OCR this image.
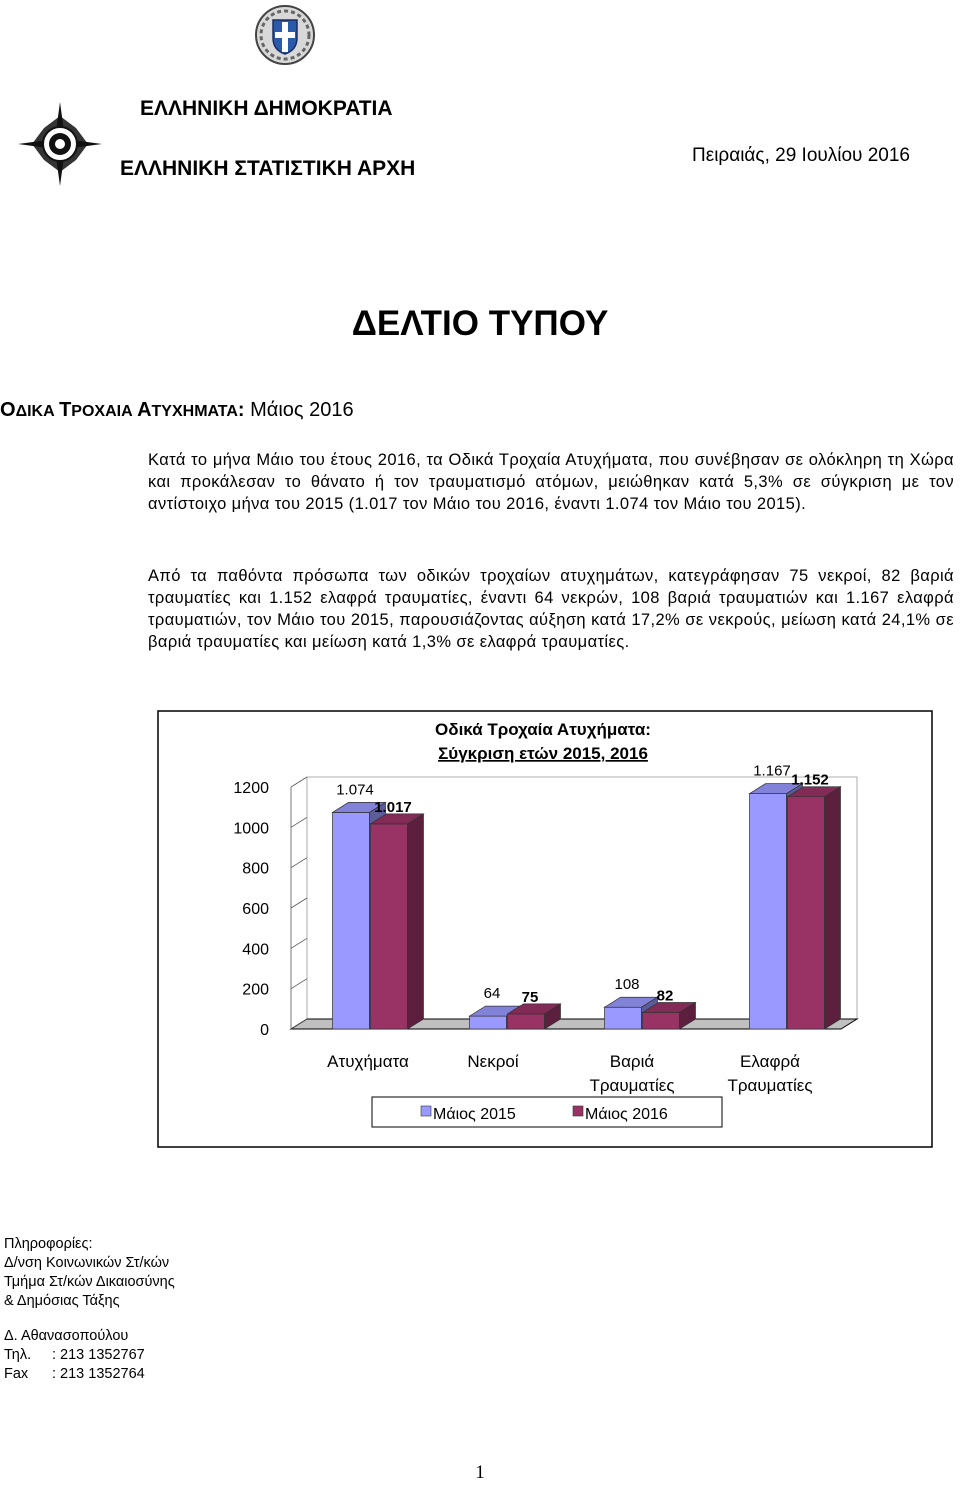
ΕΛΛΗΝΙΚΗ ΔΗΜΟΚΡΑΤΙΑ
ΕΛΛΗΝΙΚΗ ΣΤΑΤΙΣΤΙΚΗ ΑΡΧΗ
Πειραιάς, 29 Ιουλίου 2016
ΔΕΛΤΙΟ ΤΥΠΟΥ
ΟΔΙΚΑ ΤΡΟΧΑΙΑ ΑΤΥΧΗΜΑΤΑ: Μάιος 2016
Κατά το μήνα Μάιο του έτους 2016, τα Οδικά Τροχαία Ατυχήματα, που συνέβησαν σε ολόκληρη τη Χώρα και προκάλεσαν το θάνατο ή τον τραυματισμό ατόμων, μειώθηκαν κατά 5,3% σε σύγκριση με τον αντίστοιχο μήνα του 2015 (1.017 τον Μάιο του 2016, έναντι 1.074 τον Μάιο του 2015).
Από τα παθόντα πρόσωπα των οδικών τροχαίων ατυχημάτων, κατεγράφησαν 75 νεκροί, 82 βαριά τραυματίες και 1.152 ελαφρά τραυματίες, έναντι 64 νεκρών, 108 βαριά τραυματιών και 1.167 ελαφρά τραυματιών, τον Μάιο του 2015, παρουσιάζοντας αύξηση κατά 17,2% σε νεκρούς, μείωση κατά 24,1% σε βαριά τραυματίες και μείωση κατά 1,3% σε ελαφρά τραυματίες.
1200
1000
800
600
400
200
0
1.074
64
108
1.167
1.017
75	82
1.152
Ατυχήματα	Νεκροί	Βαριά
Τραυματίες
Ελαφρά
Τραυματίες
Οδικά Τροχαία Ατυχήματα:
Σύγκριση ετών 2015, 2016
Μάιος 2015	Μάιος 2016
Πληροφορίες:
Δ/νση Κοινωνικών Στ/κών
Τμήμα Στ/κών Δικαιοσύνης
& Δημόσιας Τάξης
Δ. Αθανασοπούλου
Τηλ. : 213 1352767
Fax : 213 1352764
1
